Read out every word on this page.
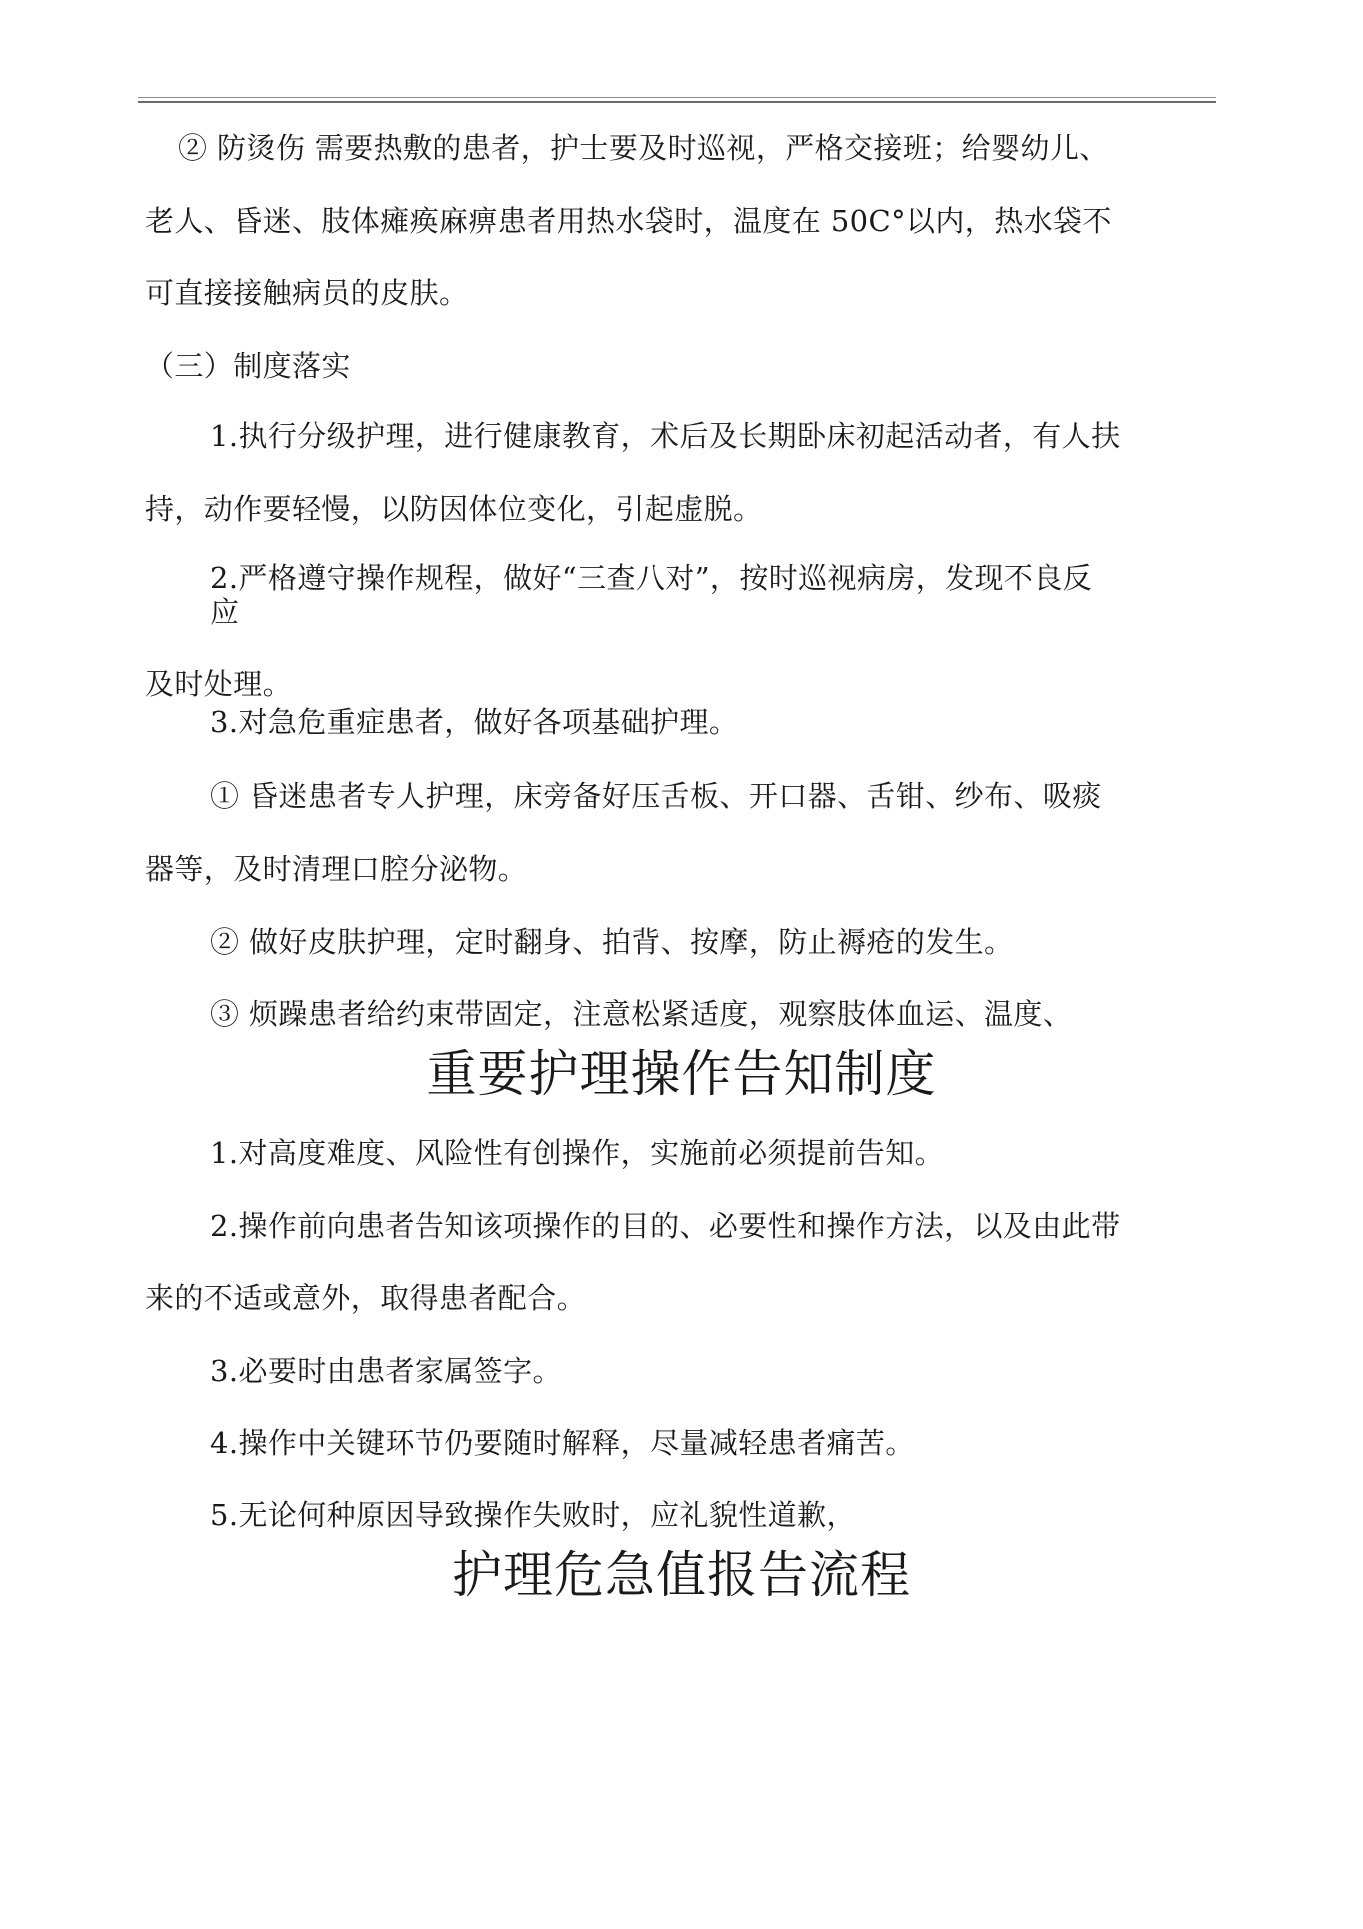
② 防烫伤 需要热敷的患者，护士要及时巡视，严格交接班；给婴幼儿、
老人、昏迷、肢体瘫痪麻痹患者用热水袋时，温度在 50C°以内，热水袋不
可直接接触病员的皮肤。
（三）制度落实
1.执行分级护理，进行健康教育，术后及长期卧床初起活动者，有人扶
持，动作要轻慢，以防因体位变化，引起虚脱。
2.严格遵守操作规程，做好“三查八对”，按时巡视病房，发现不良反
应
及时处理。
3.对急危重症患者，做好各项基础护理。
① 昏迷患者专人护理，床旁备好压舌板、开口器、舌钳、纱布、吸痰
器等，及时清理口腔分泌物。
② 做好皮肤护理，定时翻身、拍背、按摩，防止褥疮的发生。
③ 烦躁患者给约束带固定，注意松紧适度，观察肢体血运、温度、
重要护理操作告知制度
1.对高度难度、风险性有创操作，实施前必须提前告知。
2.操作前向患者告知该项操作的目的、必要性和操作方法，以及由此带
来的不适或意外，取得患者配合。
3.必要时由患者家属签字。
4.操作中关键环节仍要随时解释，尽量减轻患者痛苦。
5.无论何种原因导致操作失败时，应礼貌性道歉，
护理危急值报告流程
